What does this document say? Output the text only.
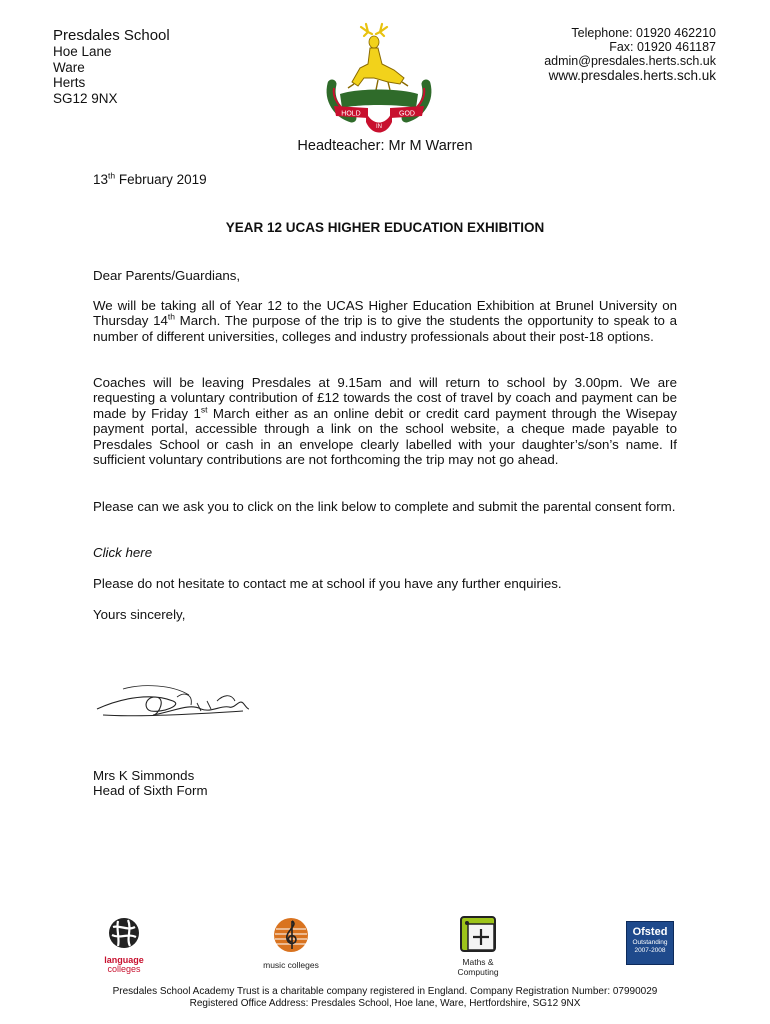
Presdales School
Hoe Lane
Ware
Herts
SG12 9NX
Telephone: 01920 462210
Fax: 01920 461187
admin@presdales.herts.sch.uk
www.presdales.herts.sch.uk
HOLD	GOD
IN
Headteacher: Mr M Warren
13th February 2019
YEAR 12 UCAS HIGHER EDUCATION EXHIBITION
Dear Parents/Guardians,

We will be taking all of Year 12 to the UCAS Higher Education Exhibition at Brunel University on Thursday 14th March. The purpose of the trip is to give the students the opportunity to speak to a number of different universities, colleges and industry professionals about their post-18 options.

Coaches will be leaving Presdales at 9.15am and will return to school by 3.00pm. We are requesting a voluntary contribution of £12 towards the cost of travel by coach and payment can be made by Friday 1st March either as an online debit or credit card payment through the Wisepay payment portal, accessible through a link on the school website, a cheque made payable to Presdales School or cash in an envelope clearly labelled with your daughter’s/son’s name. If sufficient voluntary contributions are not forthcoming the trip may not go ahead.

Please can we ask you to click on the link below to complete and submit the parental consent form.

Click here
Please do not hesitate to contact me at school if you have any further enquiries.
Yours sincerely,
Mrs K Simmonds
Head of Sixth Form
language
colleges	music colleges	Maths &
Computing
Ofsted
Outstanding
2007-2008
Presdales School Academy Trust is a charitable company registered in England. Company Registration Number: 07990029
Registered Office Address: Presdales School, Hoe lane, Ware, Hertfordshire, SG12 9NX
